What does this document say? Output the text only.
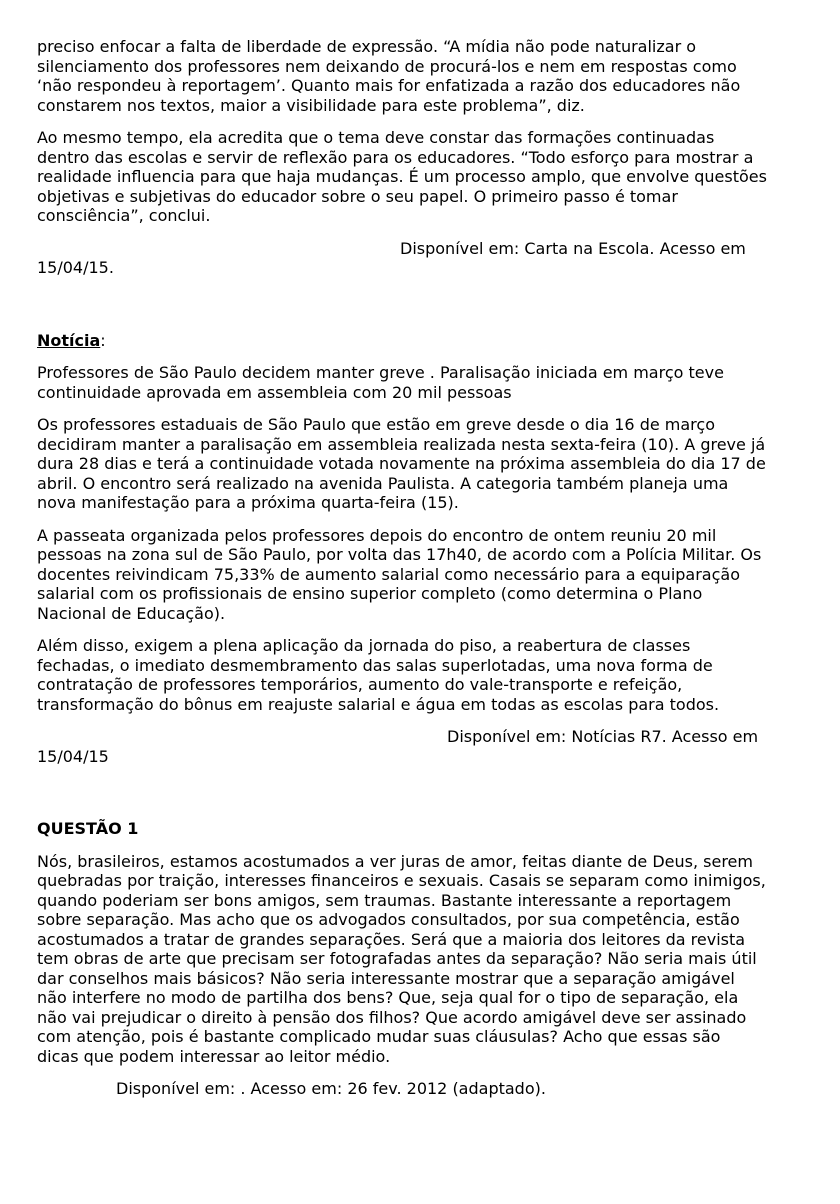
preciso enfocar a falta de liberdade de expressão. “A mídia não pode naturalizar o silenciamento dos professores nem deixando de procurá-los e nem em respostas como ‘não respondeu à reportagem’. Quanto mais for enfatizada a razão dos educadores não constarem nos textos, maior a visibilidade para este problema”, diz.

Ao mesmo tempo, ela acredita que o tema deve constar das formações continuadas dentro das escolas e servir de reflexão para os educadores. “Todo esforço para mostrar a realidade influencia para que haja mudanças. É um processo amplo, que envolve questões objetivas e subjetivas do educador sobre o seu papel. O primeiro passo é tomar consciência”, conclui.

Disponível em: Carta na Escola. Acesso em 15/04/15.

Notícia:

Professores de São Paulo decidem manter greve . Paralisação iniciada em março teve continuidade aprovada em assembleia com 20 mil pessoas

Os professores estaduais de São Paulo que estão em greve desde o dia 16 de março decidiram manter a paralisação em assembleia realizada nesta sexta-feira (10). A greve já dura 28 dias e terá a continuidade votada novamente na próxima assembleia do dia 17 de abril. O encontro será realizado na avenida Paulista. A categoria também planeja uma nova manifestação para a próxima quarta-feira (15).

A passeata organizada pelos professores depois do encontro de ontem reuniu 20 mil pessoas na zona sul de São Paulo, por volta das 17h40, de acordo com a Polícia Militar. Os docentes reivindicam 75,33% de aumento salarial como necessário para a equiparação salarial com os profissionais de ensino superior completo (como determina o Plano Nacional de Educação).

Além disso, exigem a plena aplicação da jornada do piso, a reabertura de classes fechadas, o imediato desmembramento das salas superlotadas, uma nova forma de contratação de professores temporários, aumento do vale-transporte e refeição, transformação do bônus em reajuste salarial e água em todas as escolas para todos.

Disponível em: Notícias R7. Acesso em 15/04/15

QUESTÃO 1

Nós, brasileiros, estamos acostumados a ver juras de amor, feitas diante de Deus, serem quebradas por traição, interesses financeiros e sexuais. Casais se separam como inimigos, quando poderiam ser bons amigos, sem traumas. Bastante interessante a reportagem sobre separação. Mas acho que os advogados consultados, por sua competência, estão acostumados a tratar de grandes separações. Será que a maioria dos leitores da revista tem obras de arte que precisam ser fotografadas antes da separação? Não seria mais útil dar conselhos mais básicos? Não seria interessante mostrar que a separação amigável não interfere no modo de partilha dos bens? Que, seja qual for o tipo de separação, ela não vai prejudicar o direito à pensão dos filhos? Que acordo amigável deve ser assinado com atenção, pois é bastante complicado mudar suas cláusulas? Acho que essas são dicas que podem interessar ao leitor médio.

Disponível em: . Acesso em: 26 fev. 2012 (adaptado).
